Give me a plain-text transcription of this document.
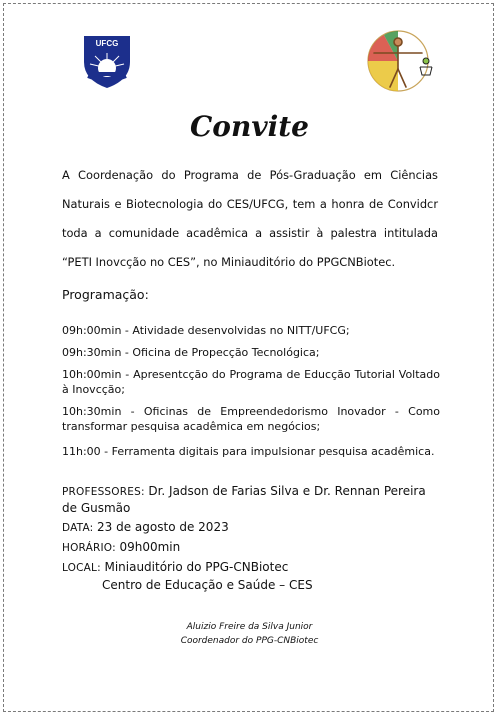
UFCG
Convite
A Coordenação do Programa de Pós-Graduação em Ciências Naturais e Biotecnologia do CES/UFCG, tem a honra de Convidcr toda a comunidade acadêmica a assistir à palestra intitulada “PETI Inovcção no CES”, no Miniauditório do PPGCNBiotec.
Programação:
09h:00min - Atividade desenvolvidas no NITT/UFCG;
09h:30min - Oficina de Propecção Tecnológica;
10h:00min - Apresentcção do Programa de Educção Tutorial Voltado à Inovcção;
10h:30min - Oficinas de Empreendedorismo Inovador - Como transformar pesquisa acadêmica em negócios;
11h:00 - Ferramenta digitais para impulsionar pesquisa acadêmica.
PROFESSORES: Dr. Jadson de Farias Silva e Dr. Rennan Pereira de Gusmão
DATA: 23 de agosto de 2023
HORÁRIO: 09h00min
LOCAL: Miniauditório do PPG-CNBiotec
Centro de Educação e Saúde – CES
Aluizio Freire da Silva Junior
Coordenador do PPG-CNBiotec
